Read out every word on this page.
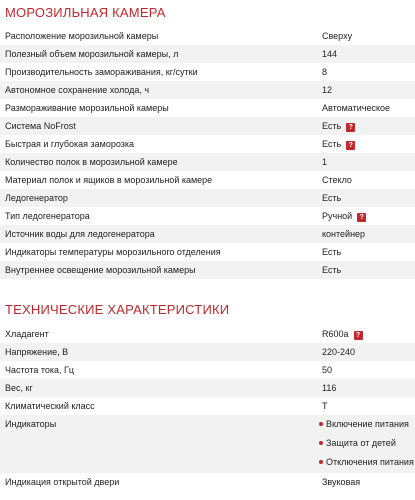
МОРОЗИЛЬНАЯ КАМЕРА
Расположение морозильной камеры	Сверху
Полезный объем морозильной камеры, л	144
Производительность замораживания, кг/сутки	8
Автономное сохранение холода, ч	12
Размораживание морозильной камеры	Автоматическое
Система NoFrost	Есть ?
Быстрая и глубокая заморозка	Есть ?
Количество полок в морозильной камере	1
Материал полок и ящиков в морозильной камере	Стекло
Ледогенератор	Есть
Тип ледогенератора	Ручной ?
Источник воды для ледогенератора	контейнер
Индикаторы температуры морозильного отделения	Есть
Внутреннее освещение морозильной камеры	Есть
ТЕХНИЧЕСКИЕ ХАРАКТЕРИСТИКИ
Хладагент	R600a ?
Напряжение, В	220-240
Частота тока, Гц	50
Вес, кг	116
Климатический класс	T
Индикаторы	Включение питания
Защита от детей
Отключения питания
Индикация открытой двери	Звуковая
